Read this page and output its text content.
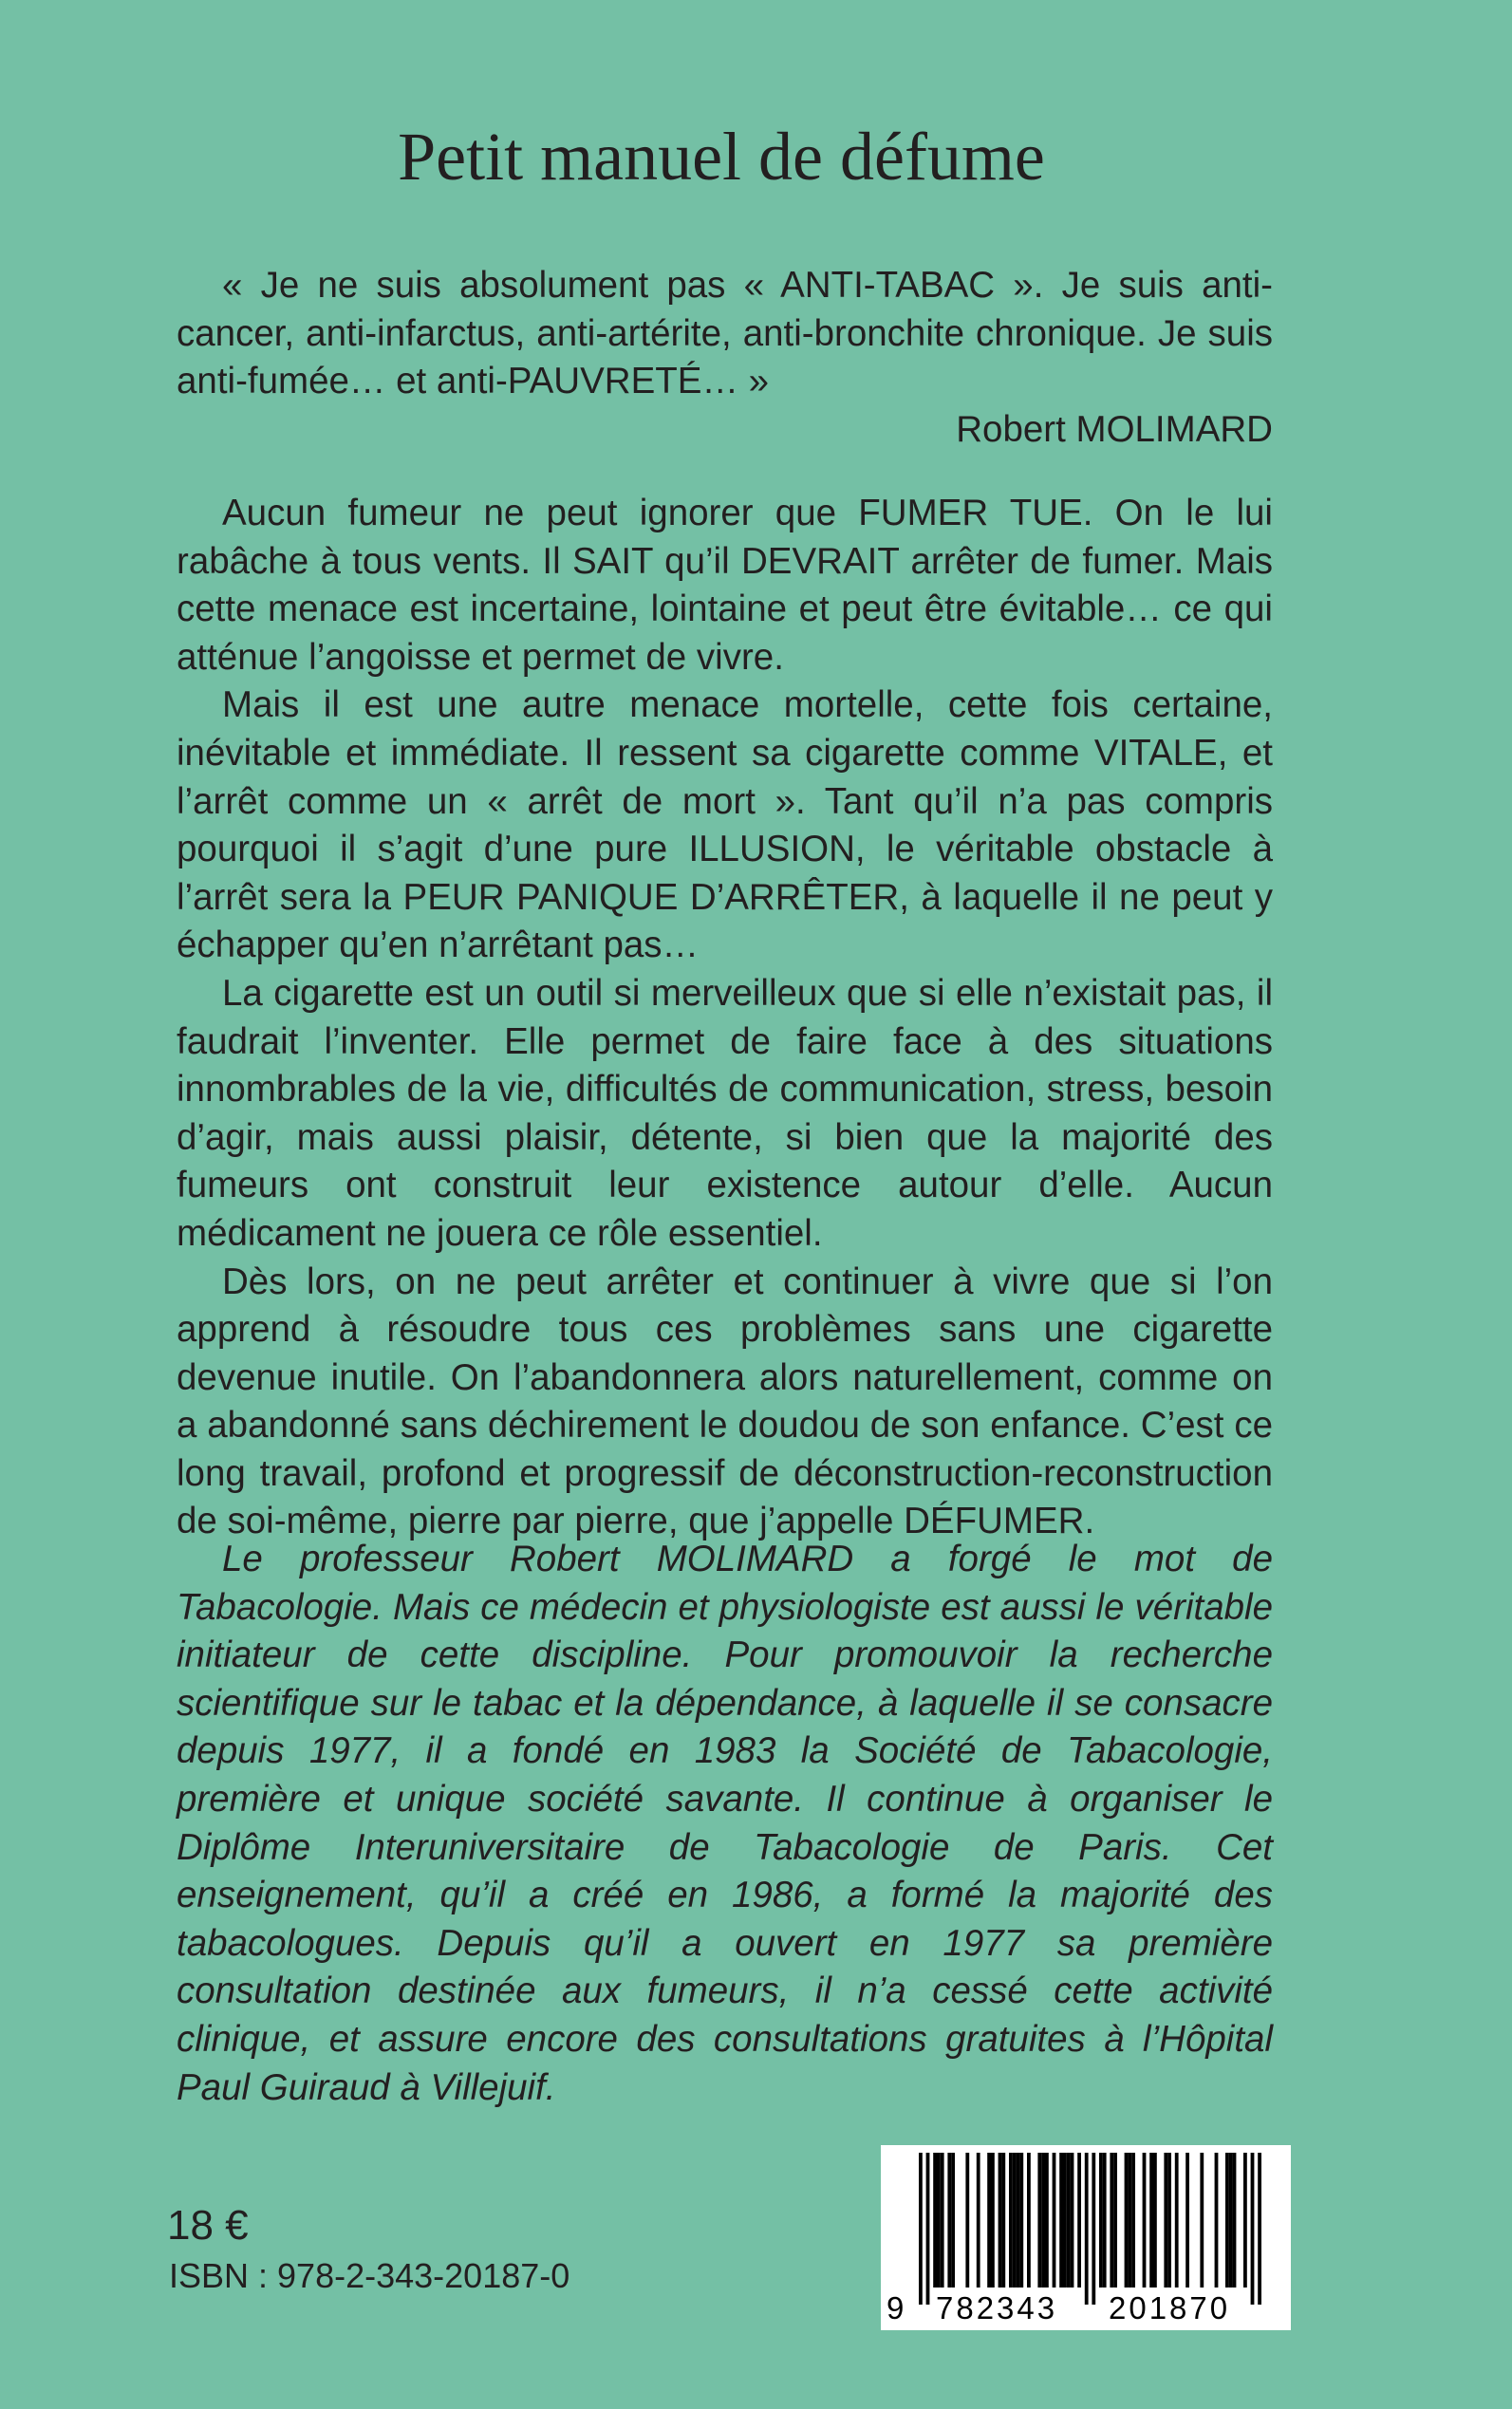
Petit manuel de défume

« Je ne suis absolument pas « ANTI-TABAC ». Je suis anti-cancer, anti-infarctus, anti-artérite, anti-bronchite chronique. Je suis anti-fumée… et anti-PAUVRETÉ… »

Robert MOLIMARD

Aucun fumeur ne peut ignorer que FUMER TUE. On le lui rabâche à tous vents. Il SAIT qu’il DEVRAIT arrêter de fumer. Mais cette menace est incertaine, lointaine et peut être évitable… ce qui atténue l’angoisse et permet de vivre.

Mais il est une autre menace mortelle, cette fois certaine, inévitable et immédiate. Il ressent sa cigarette comme VITALE, et l’arrêt comme un « arrêt de mort ». Tant qu’il n’a pas compris pourquoi il s’agit d’une pure ILLUSION, le véritable obstacle à l’arrêt sera la PEUR PANIQUE D’ARRÊTER, à laquelle il ne peut y échapper qu’en n’arrêtant pas…

La cigarette est un outil si merveilleux que si elle n’existait pas, il faudrait l’inventer. Elle permet de faire face à des situations innombrables de la vie, difficultés de communication, stress, besoin d’agir, mais aussi plaisir, détente, si bien que la majorité des fumeurs ont construit leur existence autour d’elle. Aucun médicament ne jouera ce rôle essentiel.

Dès lors, on ne peut arrêter et continuer à vivre que si l’on apprend à résoudre tous ces problèmes sans une cigarette devenue inutile. On l’abandonnera alors naturellement, comme on a abandonné sans déchirement le doudou de son enfance. C’est ce long travail, profond et progressif de déconstruction-reconstruction de soi-même, pierre par pierre, que j’appelle DÉFUMER.

Le professeur Robert MOLIMARD a forgé le mot de Tabacologie. Mais ce médecin et physiologiste est aussi le véritable initiateur de cette discipline. Pour promouvoir la recherche scientifique sur le tabac et la dépendance, à laquelle il se consacre depuis 1977, il a fondé en 1983 la Société de Tabacologie, première et unique société savante. Il continue à organiser le Diplôme Interuniversitaire de Tabacologie de Paris. Cet enseignement, qu’il a créé en 1986, a formé la majorité des tabacologues. Depuis qu’il a ouvert en 1977 sa première consultation destinée aux fumeurs, il n’a cessé cette activité clinique, et assure encore des consultations gratuites à l’Hôpital Paul Guiraud à Villejuif.

18 €
ISBN : 978-2-343-20187-0
9 782343 201870
